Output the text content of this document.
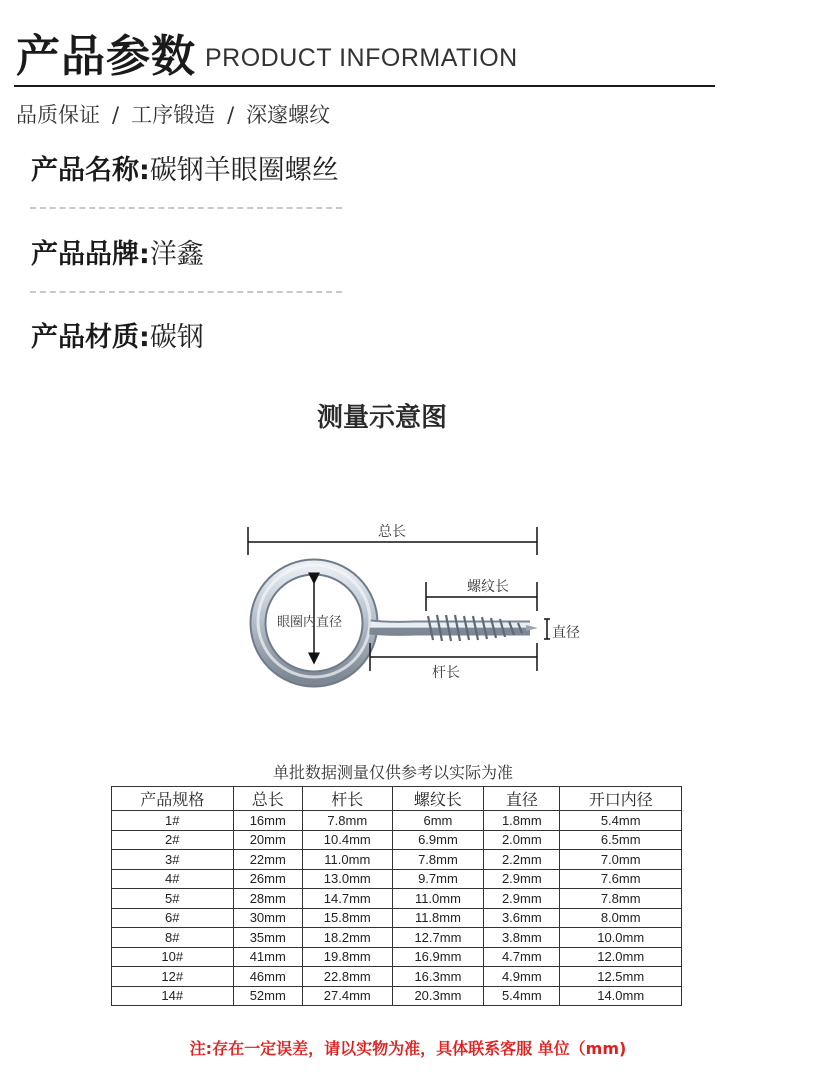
产品参数 PRODUCT INFORMATION
品质保证 / 工序锻造 / 深邃螺纹
产品名称:碳钢羊眼圈螺丝
产品品牌:洋鑫
产品材质:碳钢
测量示意图
总长
眼圈内直径
螺纹长
直径
杆长
单批数据测量仅供参考以实际为准
产品规格	总长	杆长	螺纹长	直径	开口内径
1#	16mm	7.8mm	6mm	1.8mm	5.4mm
2#	20mm	10.4mm	6.9mm	2.0mm	6.5mm
3#	22mm	11.0mm	7.8mm	2.2mm	7.0mm
4#	26mm	13.0mm	9.7mm	2.9mm	7.6mm
5#	28mm	14.7mm	11.0mm	2.9mm	7.8mm
6#	30mm	15.8mm	11.8mm	3.6mm	8.0mm
8#	35mm	18.2mm	12.7mm	3.8mm	10.0mm
10#	41mm	19.8mm	16.9mm	4.7mm	12.0mm
12#	46mm	22.8mm	16.3mm	4.9mm	12.5mm
14#	52mm	27.4mm	20.3mm	5.4mm	14.0mm
注:存在一定误差，请以实物为准，具体联系客服 单位（mm)
